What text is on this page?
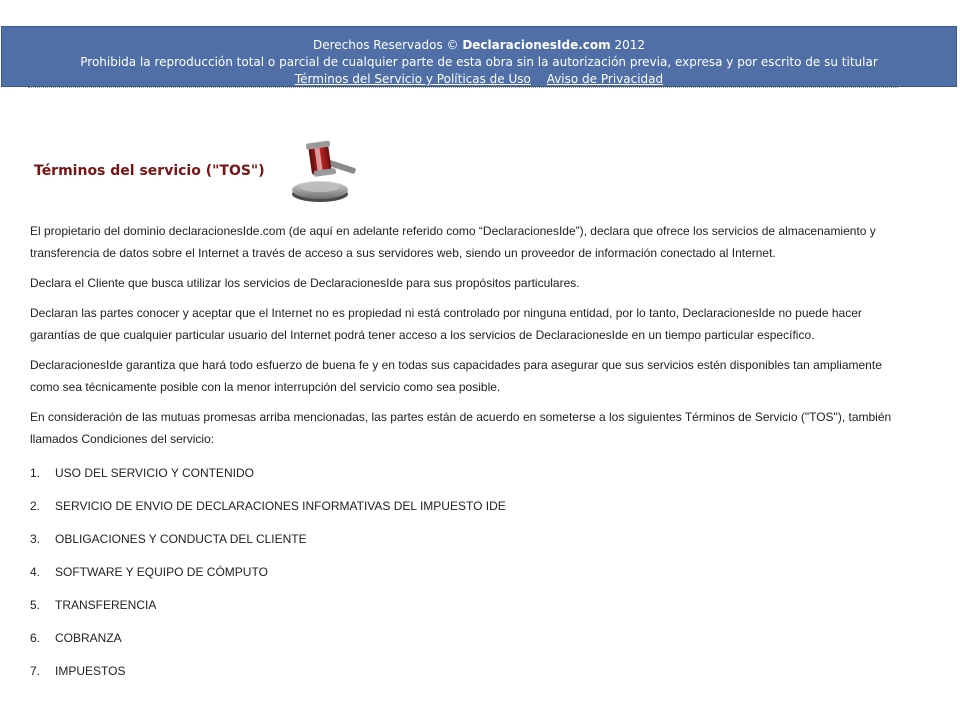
Derechos Reservados © DeclaracionesIde.com 2012
Prohibida la reproducción total o parcial de cualquier parte de esta obra sin la autorización previa, expresa y por escrito de su titular
Términos del Servicio y Políticas de Uso Aviso de Privacidad
Términos del servicio ("TOS")

El propietario del dominio declaracionesIde.com (de aquí en adelante referido como “DeclaracionesIde”), declara que ofrece los servicios de almacenamiento y transferencia de datos sobre el Internet a través de acceso a sus servidores web, siendo un proveedor de información conectado al Internet.

Declara el Cliente que busca utilizar los servicios de DeclaracionesIde para sus propósitos particulares.

Declaran las partes conocer y aceptar que el Internet no es propiedad ni está controlado por ninguna entidad, por lo tanto, DeclaracionesIde no puede hacer garantías de que cualquier particular usuario del Internet podrá tener acceso a los servicios de DeclaracionesIde en un tiempo particular específico.

DeclaracionesIde garantiza que hará todo esfuerzo de buena fe y en todas sus capacidades para asegurar que sus servicios estén disponibles tan ampliamente como sea técnicamente posible con la menor interrupción del servicio como sea posible.

En consideración de las mutuas promesas arriba mencionadas, las partes están de acuerdo en someterse a los siguientes Términos de Servicio ("TOS"), también llamados Condiciones del servicio:

1. USO DEL SERVICIO Y CONTENIDO
2. SERVICIO DE ENVIO DE DECLARACIONES INFORMATIVAS DEL IMPUESTO IDE
3. OBLIGACIONES Y CONDUCTA DEL CLIENTE
4. SOFTWARE Y EQUIPO DE CÓMPUTO
5. TRANSFERENCIA
6. COBRANZA
7. IMPUESTOS
